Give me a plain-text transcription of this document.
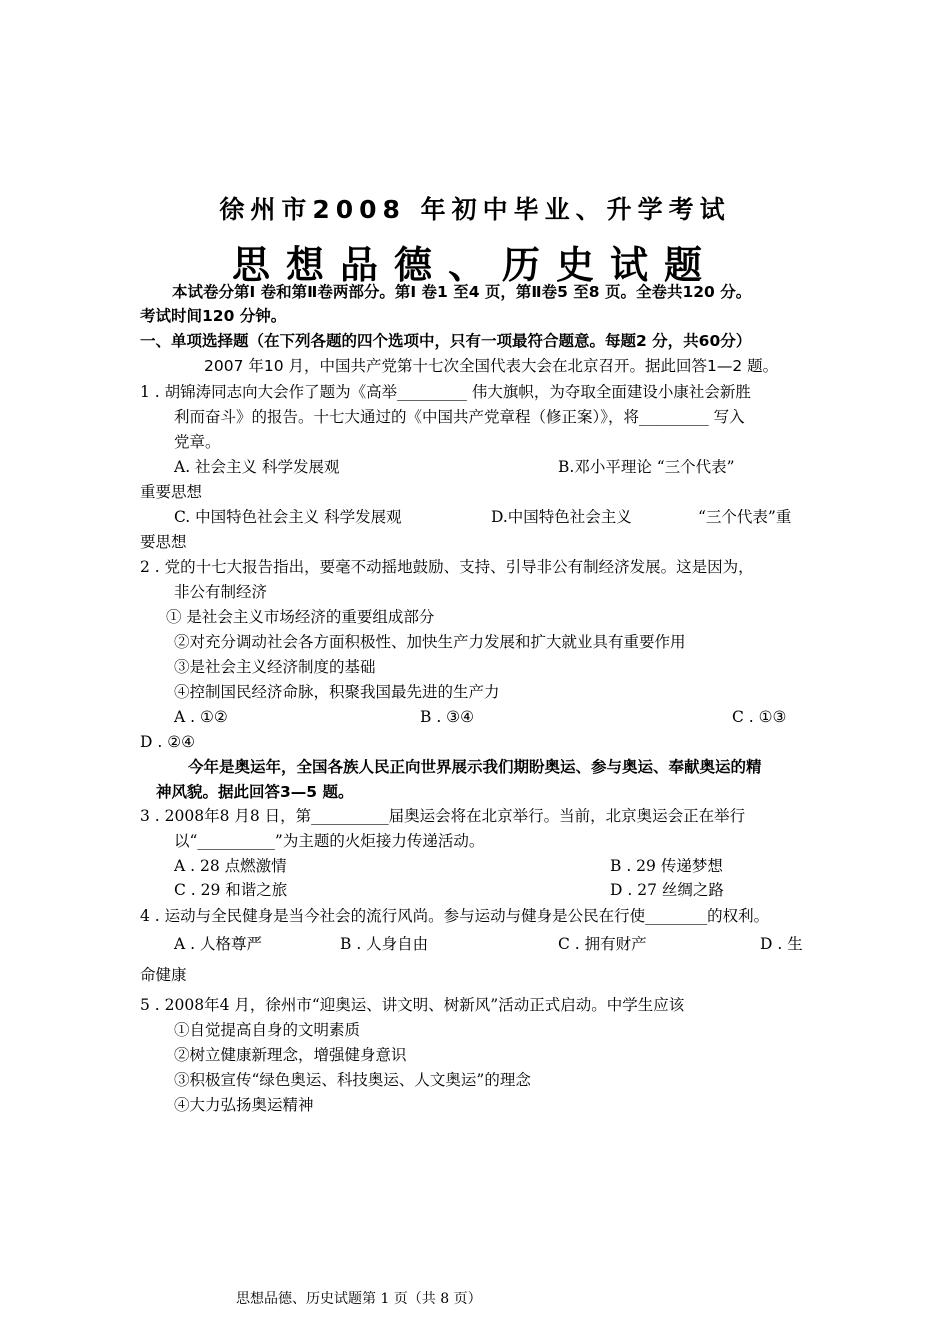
徐州市2008 年初中毕业、升学考试
思想品德、历史试题
本试卷分第Ⅰ 卷和第Ⅱ卷两部分。第Ⅰ 卷1 至4 页，第Ⅱ卷5 至8 页。全卷共120 分。
考试时间120 分钟。
一、单项选择题（在下列各题的四个选项中，只有一项最符合题意。每题2 分，共60分）
2007 年10 月，中国共产党第十七次全国代表大会在北京召开。据此回答1—2 题。
1 . 胡锦涛同志向大会作了题为《高举_________ 伟大旗帜，为夺取全面建设小康社会新胜
利而奋斗》的报告。十七大通过的《中国共产党章程（修正案）》，将_________ 写入
党章。
A. 社会主义 科学发展观	B.邓小平理论 “三个代表”
重要思想
C. 中国特色社会主义 科学发展观	D.中国特色社会主义	“三个代表”重
要思想
2 . 党的十七大报告指出，要毫不动摇地鼓励、支持、引导非公有制经济发展。这是因为，
非公有制经济
① 是社会主义市场经济的重要组成部分
②对充分调动社会各方面积极性、加快生产力发展和扩大就业具有重要作用
③是社会主义经济制度的基础
④控制国民经济命脉，积聚我国最先进的生产力
A . ①②	B . ③④	C . ①③
D . ②④
今年是奥运年，全国各族人民正向世界展示我们期盼奥运、参与奥运、奉献奥运的精
神风貌。据此回答3—5 题。
3 . 2008年8 月8 日，第__________届奥运会将在北京举行。当前，北京奥运会正在举行
以“__________”为主题的火炬接力传递活动。
A . 28 点燃激情	B . 29 传递梦想
C . 29 和谐之旅	D . 27 丝绸之路
4 . 运动与全民健身是当今社会的流行风尚。参与运动与健身是公民在行使________的权利。
A . 人格尊严	B . 人身自由	C . 拥有财产	D . 生
命健康
5 . 2008年4 月，徐州市“迎奥运、讲文明、树新风”活动正式启动。中学生应该
①自觉提高自身的文明素质
②树立健康新理念，增强健身意识
③积极宣传“绿色奥运、科技奥运、人文奥运”的理念
④大力弘扬奥运精神
思想品德、历史试题第 1 页（共 8 页）
